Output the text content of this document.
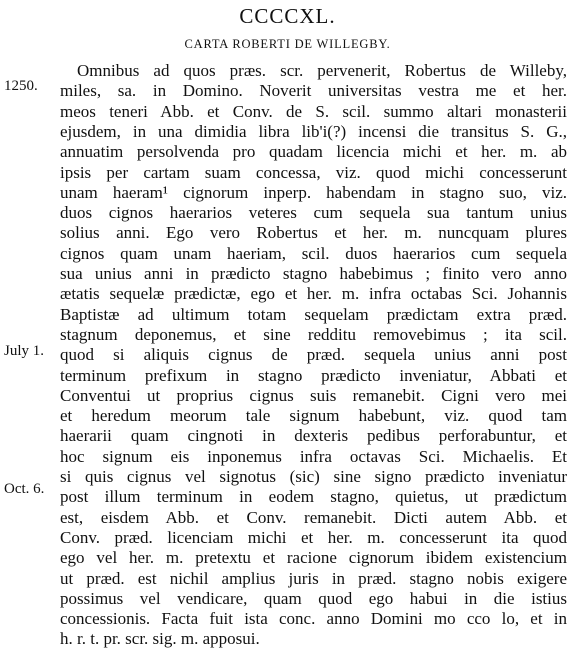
CCCCXL.
CARTA ROBERTI DE WILLEGBY.
1250.
July 1.
Oct. 6.
Omnibus ad quos præs. scr. pervenerit, Robertus de Willeby,
miles, sa. in Domino. Noverit universitas vestra me et her.
meos teneri Abb. et Conv. de S. scil. summo altari monasterii
ejusdem, in una dimidia libra lib'i(?) incensi die transitus S. G.,
annuatim persolvenda pro quadam licencia michi et her. m. ab
ipsis per cartam suam concessa, viz. quod michi concesserunt
unam haeram¹ cignorum inperp. habendam in stagno suo, viz.
duos cignos haerarios veteres cum sequela sua tantum unius
solius anni. Ego vero Robertus et her. m. nuncquam plures
cignos quam unam haeriam, scil. duos haerarios cum sequela
sua unius anni in prædicto stagno habebimus ; finito vero anno
ætatis sequelæ prædictæ, ego et her. m. infra octabas Sci. Johannis
Baptistæ ad ultimum totam sequelam prædictam extra præd.
stagnum deponemus, et sine redditu removebimus ; ita scil.
quod si aliquis cignus de præd. sequela unius anni post
terminum prefixum in stagno prædicto inveniatur, Abbati et
Conventui ut proprius cignus suis remanebit. Cigni vero mei
et heredum meorum tale signum habebunt, viz. quod tam
haerarii quam cingnoti in dexteris pedibus perforabuntur, et
hoc signum eis inponemus infra octavas Sci. Michaelis. Et
si quis cignus vel signotus (sic) sine signo prædicto inveniatur
post illum terminum in eodem stagno, quietus, ut prædictum
est, eisdem Abb. et Conv. remanebit. Dicti autem Abb. et
Conv. præd. licenciam michi et her. m. concesserunt ita quod
ego vel her. m. pretextu et racione cignorum ibidem existencium
ut præd. est nichil amplius juris in præd. stagno nobis exigere
possimus vel vendicare, quam quod ego habui in die istius
concessionis. Facta fuit ista conc. anno Domini mo cco lo, et in
h. r. t. pr. scr. sig. m. apposui.
